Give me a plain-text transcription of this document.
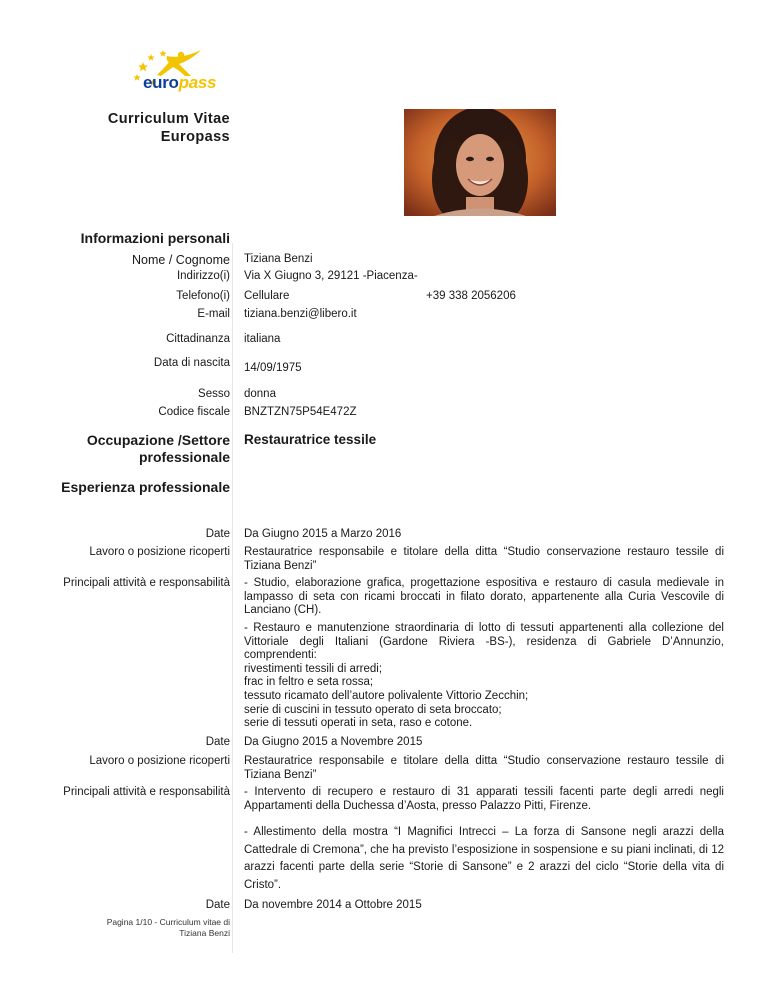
europass
Curriculum Vitae
Europass
Informazioni personali
Nome / Cognome Tiziana Benzi
Indirizzo(i) Via X Giugno 3, 29121 -Piacenza-
Telefono(i) Cellulare	+39 338 2056206
E-mail tiziana.benzi@libero.it
Cittadinanza italiana
Data di nascita 14/09/1975
Sesso donna
Codice fiscale BNZTZN75P54E472Z
Occupazione /Settore
professionale
Restauratrice tessile
Esperienza professionale
Date Da Giugno 2015 a Marzo 2016
Lavoro o posizione ricoperti Restauratrice responsabile e titolare della ditta “Studio conservazione restauro tessile di Tiziana Benzi”
Principali attività e responsabilità - Studio, elaborazione grafica, progettazione espositiva e restauro di casula medievale in lampasso di seta con ricami broccati in filato dorato, appartenente alla Curia Vescovile di Lanciano (CH).
- Restauro e manutenzione straordinaria di lotto di tessuti appartenenti alla collezione del Vittoriale degli Italiani (Gardone Riviera -BS-), residenza di Gabriele D’Annunzio, comprendenti:
rivestimenti tessili di arredi;
frac in feltro e seta rossa;
tessuto ricamato dell’autore polivalente Vittorio Zecchin;
serie di cuscini in tessuto operato di seta broccato;
serie di tessuti operati in seta, raso e cotone.
Date Da Giugno 2015 a Novembre 2015
Lavoro o posizione ricoperti Restauratrice responsabile e titolare della ditta “Studio conservazione restauro tessile di Tiziana Benzi”
Principali attività e responsabilità - Intervento di recupero e restauro di 31 apparati tessili facenti parte degli arredi negli Appartamenti della Duchessa d’Aosta, presso Palazzo Pitti, Firenze.
- Allestimento della mostra “I Magnifici Intrecci – La forza di Sansone negli arazzi della Cattedrale di Cremona”, che ha previsto l’esposizione in sospensione e su piani inclinati, di 12 arazzi facenti parte della serie “Storie di Sansone” e 2 arazzi del ciclo “Storie della vita di Cristo”.
Date Da novembre 2014 a Ottobre 2015
Pagina 1/10 - Curriculum vitae di
Tiziana Benzi
